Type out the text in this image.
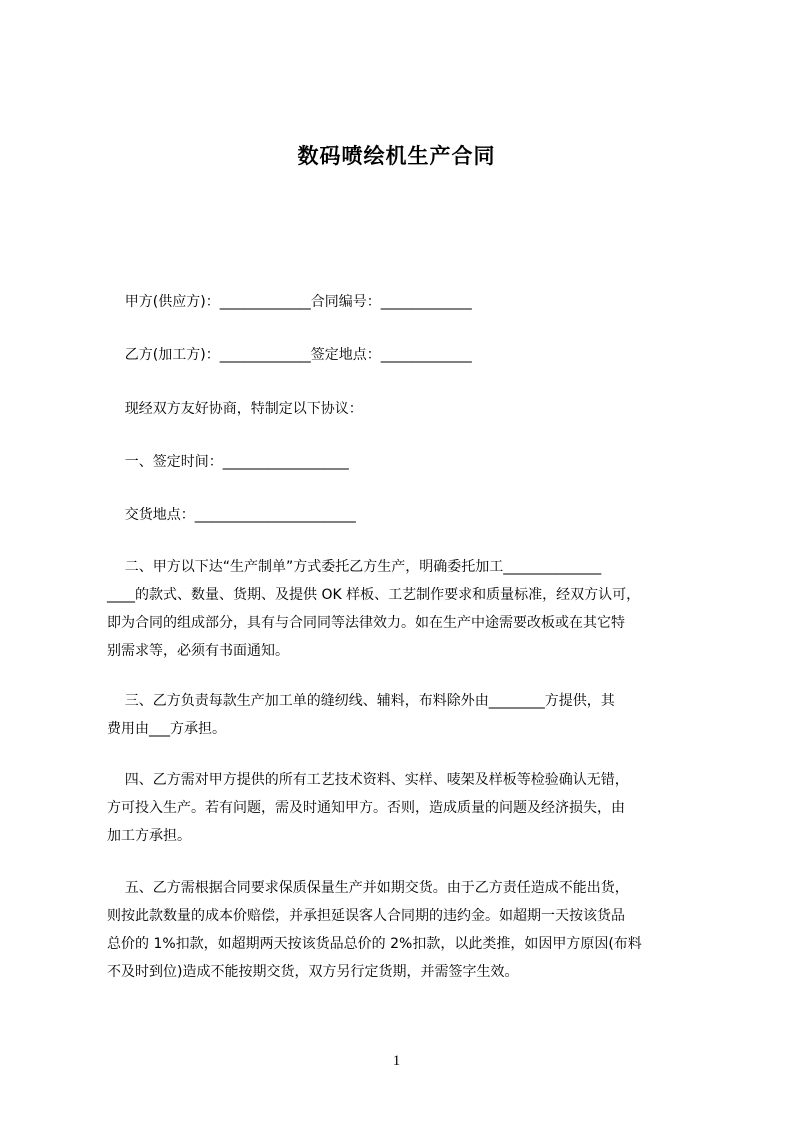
数码喷绘机生产合同

甲方(供应方)：_____________合同编号：_____________

乙方(加工方)：_____________签定地点：_____________

现经双方友好协商，特制定以下协议：

一、签定时间：__________________

交货地点：_______________________

二、甲方以下达“生产制单”方式委托乙方生产，明确委托加工______________
____的款式、数量、货期、及提供 OK 样板、工艺制作要求和质量标准，经双方认可，
即为合同的组成部分，具有与合同同等法律效力。如在生产中途需要改板或在其它特
别需求等，必须有书面通知。
三、乙方负责每款生产加工单的缝纫线、辅料，布料除外由________方提供，其
费用由___方承担。
四、乙方需对甲方提供的所有工艺技术资料、实样、唛架及样板等检验确认无错，
方可投入生产。若有问题，需及时通知甲方。否则，造成质量的问题及经济损失，由
加工方承担。
五、乙方需根据合同要求保质保量生产并如期交货。由于乙方责任造成不能出货，
则按此款数量的成本价赔偿，并承担延误客人合同期的违约金。如超期一天按该货品
总价的 1%扣款，如超期两天按该货品总价的 2%扣款，以此类推，如因甲方原因(布料
不及时到位)造成不能按期交货，双方另行定货期，并需签字生效。
1
